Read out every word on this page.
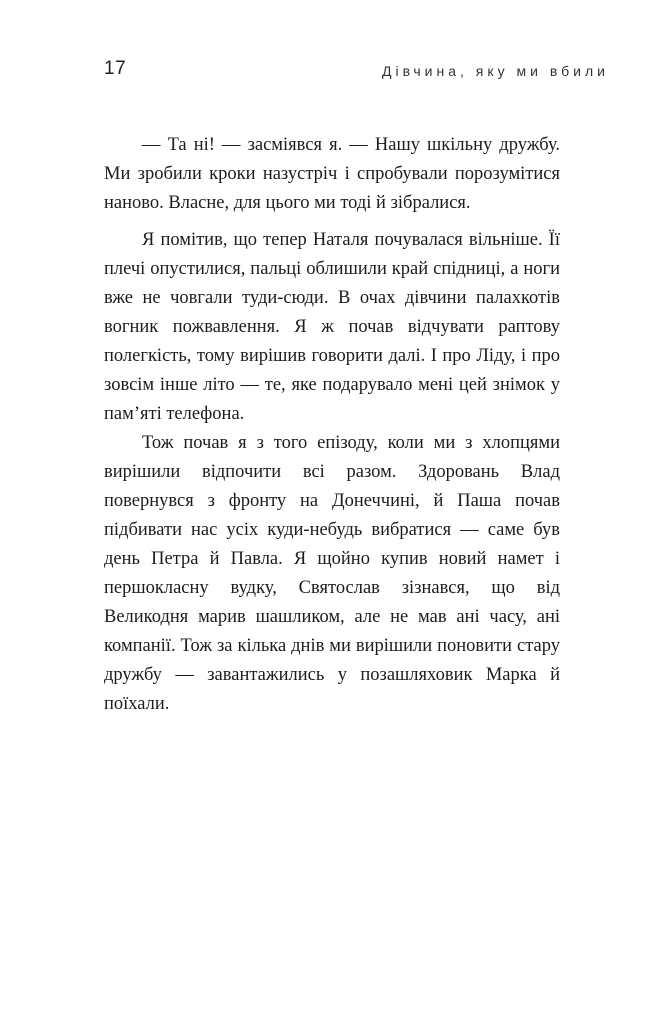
17	Дівчина, яку ми вбили

— Та ні! — засміявся я. — Нашу шкільну дружбу. Ми зробили кроки назустріч і спробували порозумітися наново. Власне, для цього ми тоді й зібралися.

Я помітив, що тепер Наталя почувалася вільніше. Її плечі опустилися, пальці облишили край спідниці, а ноги вже не човгали туди-сюди. В очах дівчини палахкотів вогник пожвавлення. Я ж почав відчувати раптову полегкість, тому вирішив говорити далі. І про Ліду, і про зовсім інше літо — те, яке подарувало мені цей знімок у пам’яті телефона.

Тож почав я з того епізоду, коли ми з хлопцями вирішили відпочити всі разом. Здоровань Влад повернувся з фронту на Донеччині, й Паша почав підбивати нас усіх куди-небудь вибратися — саме був день Петра й Павла. Я щойно купив новий намет і першокласну вудку, Святослав зізнався, що від Великодня марив шашликом, але не мав ані часу, ані компанії. Тож за кілька днів ми вирішили поновити стару дружбу — завантажились у позашляховик Марка й поїхали.
